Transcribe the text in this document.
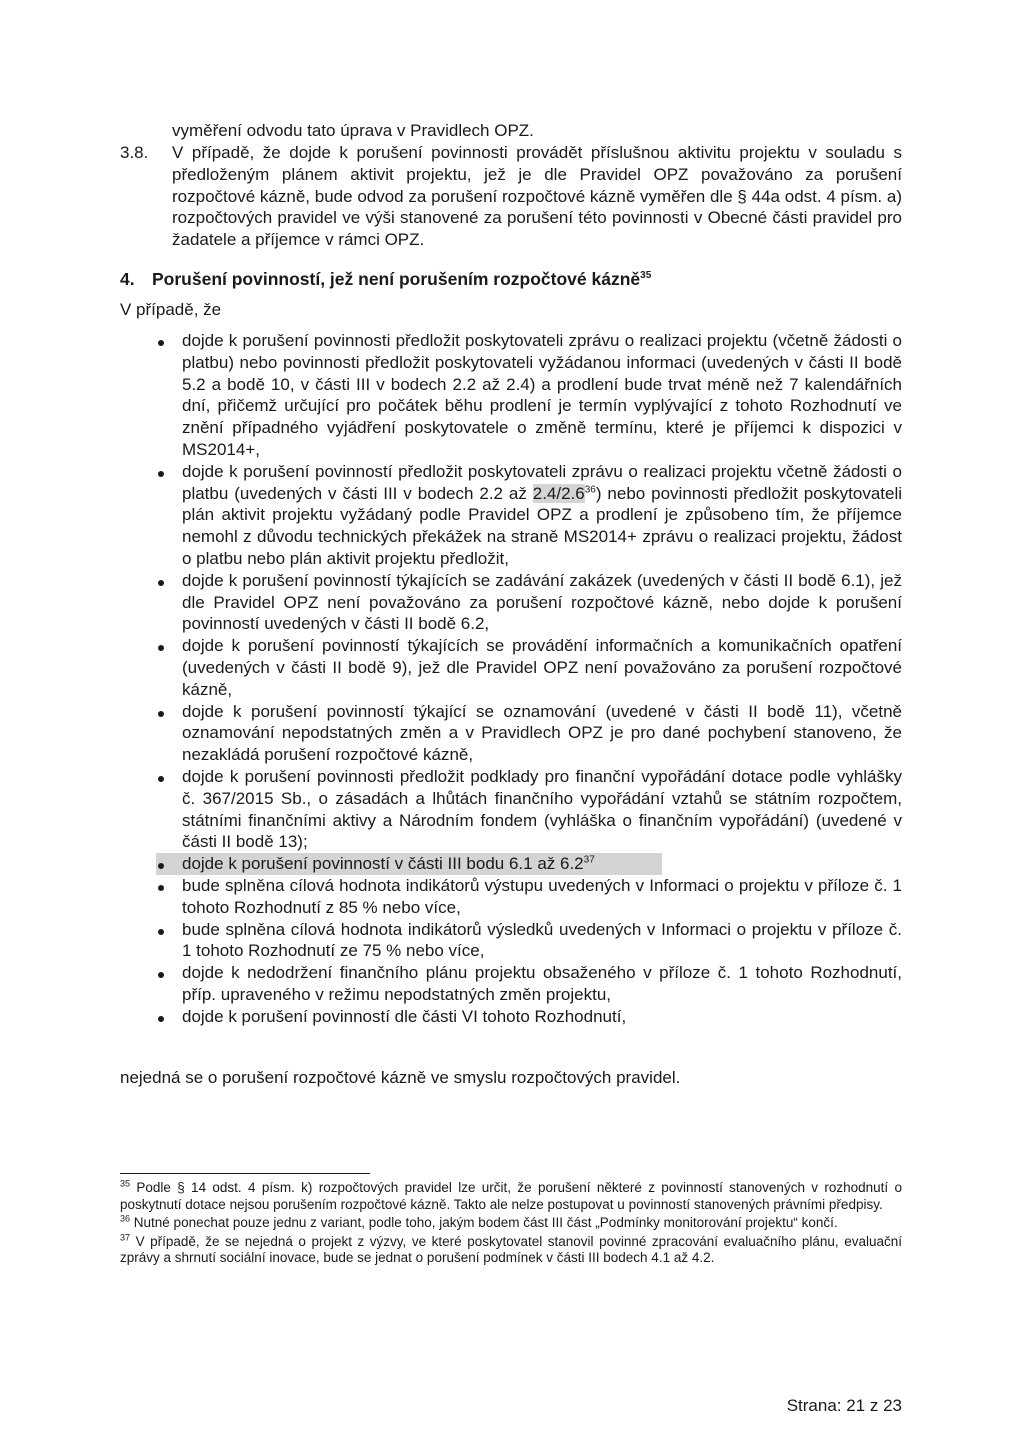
vyměření odvodu tato úprava v Pravidlech OPZ.
3.8.	V případě, že dojde k porušení povinnosti provádět příslušnou aktivitu projektu v souladu s předloženým plánem aktivit projektu, jež je dle Pravidel OPZ považováno za porušení rozpočtové kázně, bude odvod za porušení rozpočtové kázně vyměřen dle § 44a odst. 4 písm. a) rozpočtových pravidel ve výši stanovené za porušení této povinnosti v Obecné části pravidel pro žadatele a příjemce v rámci OPZ.
4. Porušení povinností, jež není porušením rozpočtové kázně$^{35}$
V případě, že
dojde k porušení povinnosti předložit poskytovateli zprávu o realizaci projektu (včetně žádosti o platbu) nebo povinnosti předložit poskytovateli vyžádanou informaci (uvedených v části II bodě 5.2 a bodě 10, v části III v bodech 2.2 až 2.4) a prodlení bude trvat méně než 7 kalendářních dní, přičemž určující pro počátek běhu prodlení je termín vyplývající z tohoto Rozhodnutí ve znění případného vyjádření poskytovatele o změně termínu, které je příjemci k dispozici v MS2014+,
dojde k porušení povinností předložit poskytovateli zprávu o realizaci projektu včetně žádosti o platbu (uvedených v části III v bodech 2.2 až $2.4/2.6^{36}$) nebo povinnosti předložit poskytovateli plán aktivit projektu vyžádaný podle Pravidel OPZ a prodlení je způsobeno tím, že příjemce nemohl z důvodu technických překážek na straně MS2014+ zprávu o realizaci projektu, žádost o platbu nebo plán aktivit projektu předložit,
dojde k porušení povinností týkajících se zadávání zakázek (uvedených v části II bodě 6.1), jež dle Pravidel OPZ není považováno za porušení rozpočtové kázně, nebo dojde k porušení povinností uvedených v části II bodě 6.2,
dojde k porušení povinností týkajících se provádění informačních a komunikačních opatření (uvedených v části II bodě 9), jež dle Pravidel OPZ není považováno za porušení rozpočtové kázně,
dojde k porušení povinností týkající se oznamování (uvedené v části II bodě 11), včetně oznamování nepodstatných změn a v Pravidlech OPZ je pro dané pochybení stanoveno, že nezakládá porušení rozpočtové kázně,
dojde k porušení povinnosti předložit podklady pro finanční vypořádání dotace podle vyhlášky č. 367/2015 Sb., o zásadách a lhůtách finančního vypořádání vztahů se státním rozpočtem, státními finančními aktivy a Národním fondem (vyhláška o finančním vypořádání) (uvedené v části II bodě 13);
dojde k porušení povinností v části III bodu 6.1 až $6.2^{37}$
bude splněna cílová hodnota indikátorů výstupu uvedených v Informaci o projektu v příloze č. 1 tohoto Rozhodnutí z 85 % nebo více,
bude splněna cílová hodnota indikátorů výsledků uvedených v Informaci o projektu v příloze č. 1 tohoto Rozhodnutí ze 75 % nebo více,
dojde k nedodržení finančního plánu projektu obsaženého v příloze č. 1 tohoto Rozhodnutí, příp. upraveného v režimu nepodstatných změn projektu,
dojde k porušení povinností dle části VI tohoto Rozhodnutí,
nejedná se o porušení rozpočtové kázně ve smyslu rozpočtových pravidel.

$^{35}$ Podle § 14 odst. 4 písm. k) rozpočtových pravidel lze určit, že porušení některé z povinností stanovených v rozhodnutí o poskytnutí dotace nejsou porušením rozpočtové kázně. Takto ale nelze postupovat u povinností stanovených právními předpisy.

$^{36}$ Nutné ponechat pouze jednu z variant, podle toho, jakým bodem část III část „Podmínky monitorování projektu“ končí.

$^{37}$ V případě, že se nejedná o projekt z výzvy, ve které poskytovatel stanovil povinné zpracování evaluačního plánu, evaluační zprávy a shrnutí sociální inovace, bude se jednat o porušení podmínek v části III bodech 4.1 až 4.2.

Strana: 21 z 23
